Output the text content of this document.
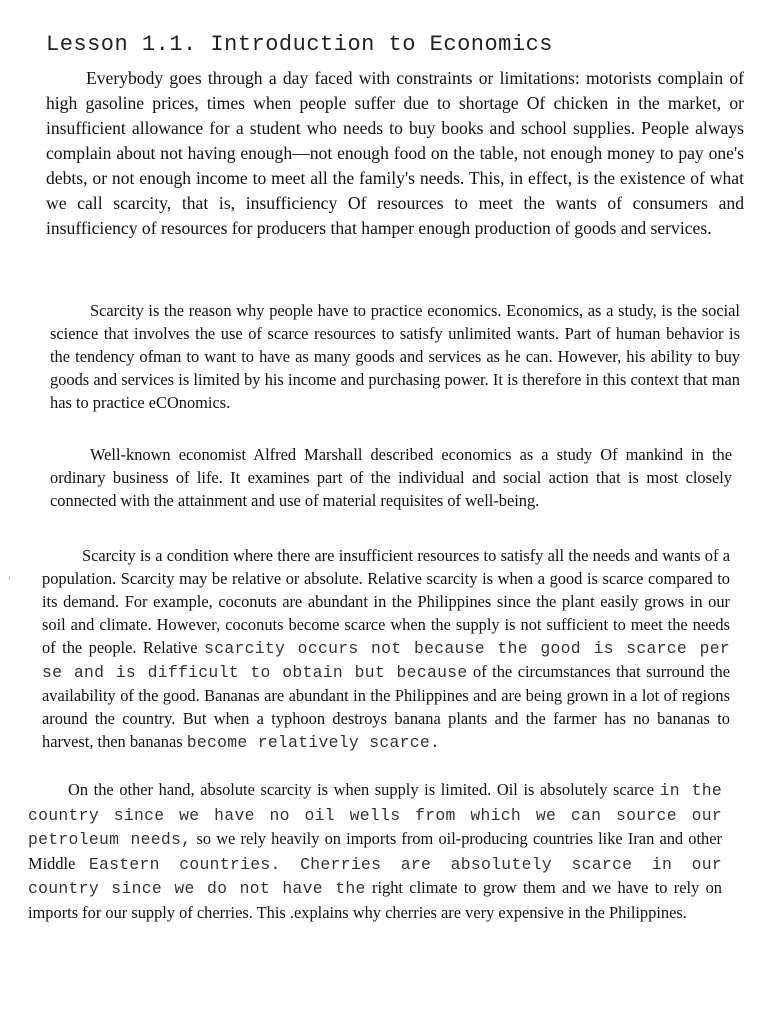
Lesson 1.1. Introduction to Economics

Everybody goes through a day faced with constraints or limitations: motorists complain of high gasoline prices, times when people suffer due to shortage Of chicken in the market, or insufficient allowance for a student who needs to buy books and school supplies. People always complain about not having enough—not enough food on the table, not enough money to pay one's debts, or not enough income to meet all the family's needs. This, in effect, is the existence of what we call scarcity, that is, insufficiency Of resources to meet the wants of consumers and insufficiency of resources for producers that hamper enough production of goods and services.

Scarcity is the reason why people have to practice economics. Economics, as a study, is the social science that involves the use of scarce resources to satisfy unlimited wants. Part of human behavior is the tendency ofman to want to have as many goods and services as he can. However, his ability to buy goods and services is limited by his income and purchasing power. It is therefore in this context that man has to practice eCOnomics.

Well-known economist Alfred Marshall described economics as a study Of mankind in the ordinary business of life. It examines part of the individual and social action that is most closely connected with the attainment and use of material requisites of well-being.

Scarcity is a condition where there are insufficient resources to satisfy all the needs and wants of a population. Scarcity may be relative or absolute. Relative scarcity is when a good is scarce compared to its demand. For example, coconuts are abundant in the Philippines since the plant easily grows in our soil and climate. However, coconuts become scarce when the supply is not sufficient to meet the needs of the people. Relative scarcity occurs not because the good is scarce per se and is difficult to obtain but because of the circumstances that surround the availability of the good. Bananas are abundant in the Philippines and are being grown in a lot of regions around the country. But when a typhoon destroys banana plants and the farmer has no bananas to harvest, then bananas become relatively scarce.

On the other hand, absolute scarcity is when supply is limited. Oil is absolutely scarce in the country since we have no oil wells from which we can source our petroleum needs, so we rely heavily on imports from oil-producing countries like Iran and other Middle Eastern countries. Cherries are absolutely scarce in our country since we do not have the right climate to grow them and we have to rely on imports for our supply of cherries. This .explains why cherries are very expensive in the Philippines.

'
